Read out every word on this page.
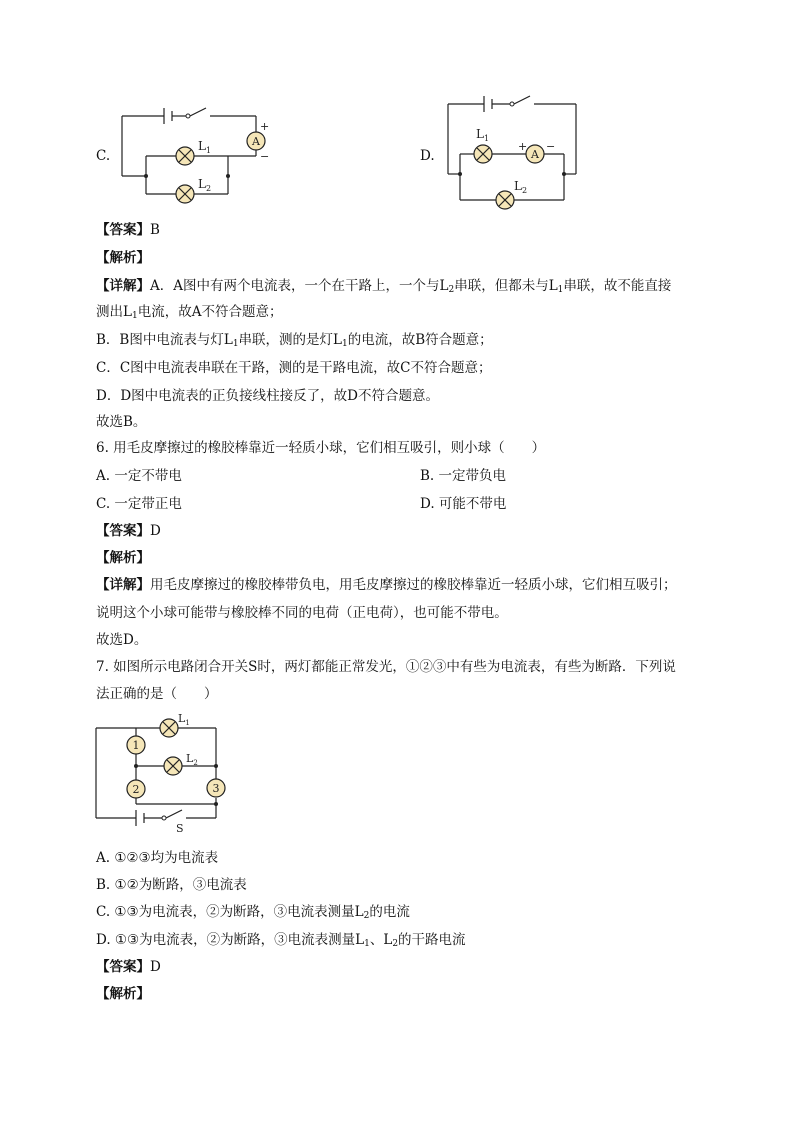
C.
A
+
−
$L_1$
$L_2$
D.	A
+ −
$L_1$
$L_2$
【答案】B
【解析】
【详解】A．A图中有两个电流表，一个在干路上，一个与$L_2$串联，但都未与$L_1$串联，故不能直接
测出$L_1$电流，故A不符合题意；
B．B图中电流表与灯$L_1$串联，测的是灯$L_1$的电流，故B符合题意；
C．C图中电流表串联在干路，测的是干路电流，故C不符合题意；
D．D图中电流表的正负接线柱接反了，故D不符合题意。
故选B。
6. 用毛皮摩擦过的橡胶棒靠近一轻质小球，它们相互吸引，则小球（　　）
A. 一定不带电	B. 一定带负电
C. 一定带正电	D. 可能不带电
【答案】D
【解析】
【详解】用毛皮摩擦过的橡胶棒带负电，用毛皮摩擦过的橡胶棒靠近一轻质小球，它们相互吸引；
说明这个小球可能带与橡胶棒不同的电荷（正电荷），也可能不带电。
故选D。
7. 如图所示电路闭合开关S时，两灯都能正常发光，①②③中有些为电流表，有些为断路．下列说
法正确的是（　　）
1
2	3
$L_1$
$L_2$
S
A. ①②③均为电流表
B. ①②为断路，③电流表
C. ①③为电流表，②为断路，③电流表测量$L_2$的电流
D. ①③为电流表，②为断路，③电流表测量$L_1$、$L_2$的干路电流
【答案】D
【解析】
